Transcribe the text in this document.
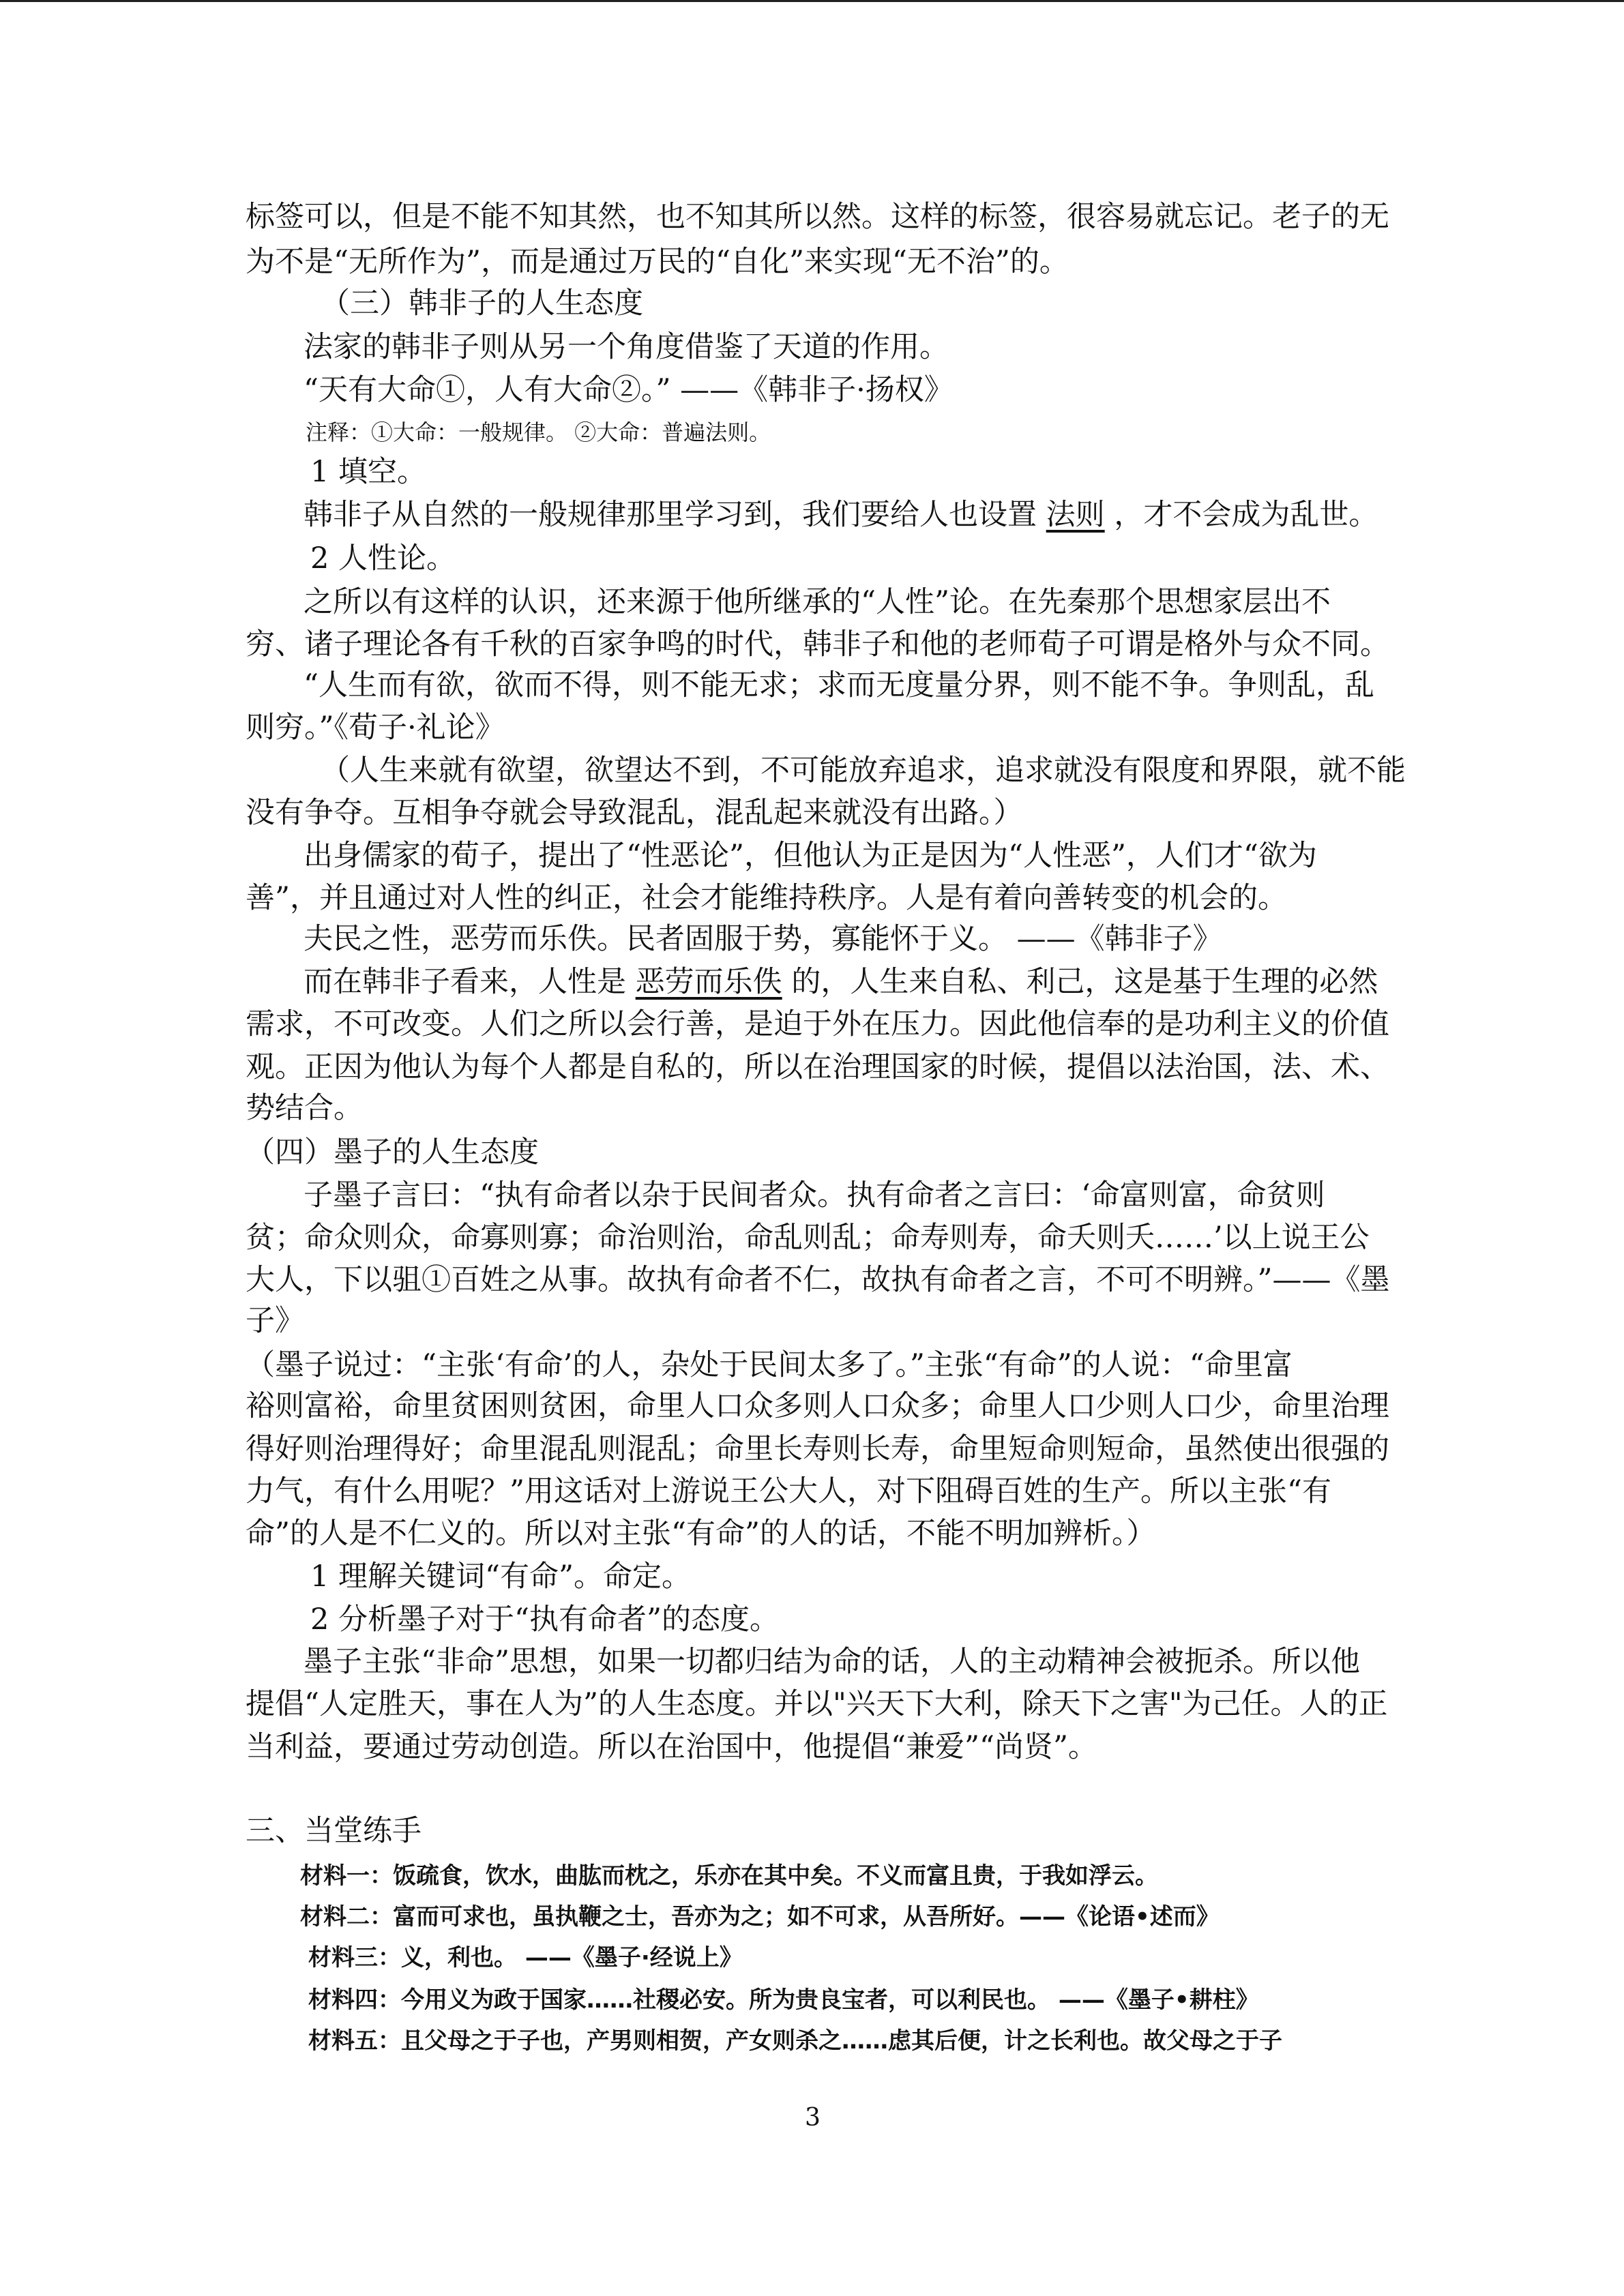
标签可以，但是不能不知其然，也不知其所以然。这样的标签，很容易就忘记。老子的无
为不是“无所作为”，而是通过万民的“自化”来实现“无不治”的。
（三）韩非子的人生态度
法家的韩非子则从另一个角度借鉴了天道的作用。
“天有大命①，人有大命②。” ——《韩非子·扬权》
注释：①大命：一般规律。 ②大命：普遍法则。
1 填空。
韩非子从自然的一般规律那里学习到，我们要给人也设置 法则 ，才不会成为乱世。
2 人性论。
之所以有这样的认识，还来源于他所继承的“人性”论。在先秦那个思想家层出不
穷、诸子理论各有千秋的百家争鸣的时代，韩非子和他的老师荀子可谓是格外与众不同。
“人生而有欲，欲而不得，则不能无求；求而无度量分界，则不能不争。争则乱，乱
则穷。”《荀子·礼论》
（人生来就有欲望，欲望达不到，不可能放弃追求，追求就没有限度和界限，就不能
没有争夺。互相争夺就会导致混乱，混乱起来就没有出路。）
出身儒家的荀子，提出了“性恶论”，但他认为正是因为“人性恶”，人们才“欲为
善”，并且通过对人性的纠正，社会才能维持秩序。人是有着向善转变的机会的。
夫民之性，恶劳而乐佚。民者固服于势，寡能怀于义。 ——《韩非子》
而在韩非子看来，人性是 恶劳而乐佚 的，人生来自私、利己，这是基于生理的必然
需求，不可改变。人们之所以会行善，是迫于外在压力。因此他信奉的是功利主义的价值
观。正因为他认为每个人都是自私的，所以在治理国家的时候，提倡以法治国，法、术、
势结合。
（四）墨子的人生态度
子墨子言曰：“执有命者以杂于民间者众。执有命者之言曰：‘命富则富，命贫则
贫；命众则众，命寡则寡；命治则治，命乱则乱；命寿则寿，命夭则夭……’以上说王公
大人，下以驵①百姓之从事。故执有命者不仁，故执有命者之言，不可不明辨。”——《墨
子》
（墨子说过：“主张‘有命’的人，杂处于民间太多了。”主张“有命”的人说：“命里富
裕则富裕，命里贫困则贫困，命里人口众多则人口众多；命里人口少则人口少，命里治理
得好则治理得好；命里混乱则混乱；命里长寿则长寿，命里短命则短命，虽然使出很强的
力气，有什么用呢？”用这话对上游说王公大人，对下阻碍百姓的生产。所以主张“有
命”的人是不仁义的。所以对主张“有命”的人的话，不能不明加辨析。）
1 理解关键词“有命”。命定。
2 分析墨子对于“执有命者”的态度。
墨子主张“非命”思想，如果一切都归结为命的话，人的主动精神会被扼杀。所以他
提倡“人定胜天，事在人为”的人生态度。并以"兴天下大利，除天下之害"为己任。人的正
当利益，要通过劳动创造。所以在治国中，他提倡“兼爱”“尚贤”。
三、当堂练手
材料一：饭疏食，饮水，曲肱而枕之，乐亦在其中矣。不义而富且贵，于我如浮云。
材料二：富而可求也，虽执鞭之士，吾亦为之；如不可求，从吾所好。——《论语•述而》
材料三：义，利也。 ——《墨子·经说上》
材料四：今用义为政于国家……社稷必安。所为贵良宝者，可以利民也。 ——《墨子•耕柱》
材料五：且父母之于子也，产男则相贺，产女则杀之……虑其后便，计之长利也。故父母之于子
3
